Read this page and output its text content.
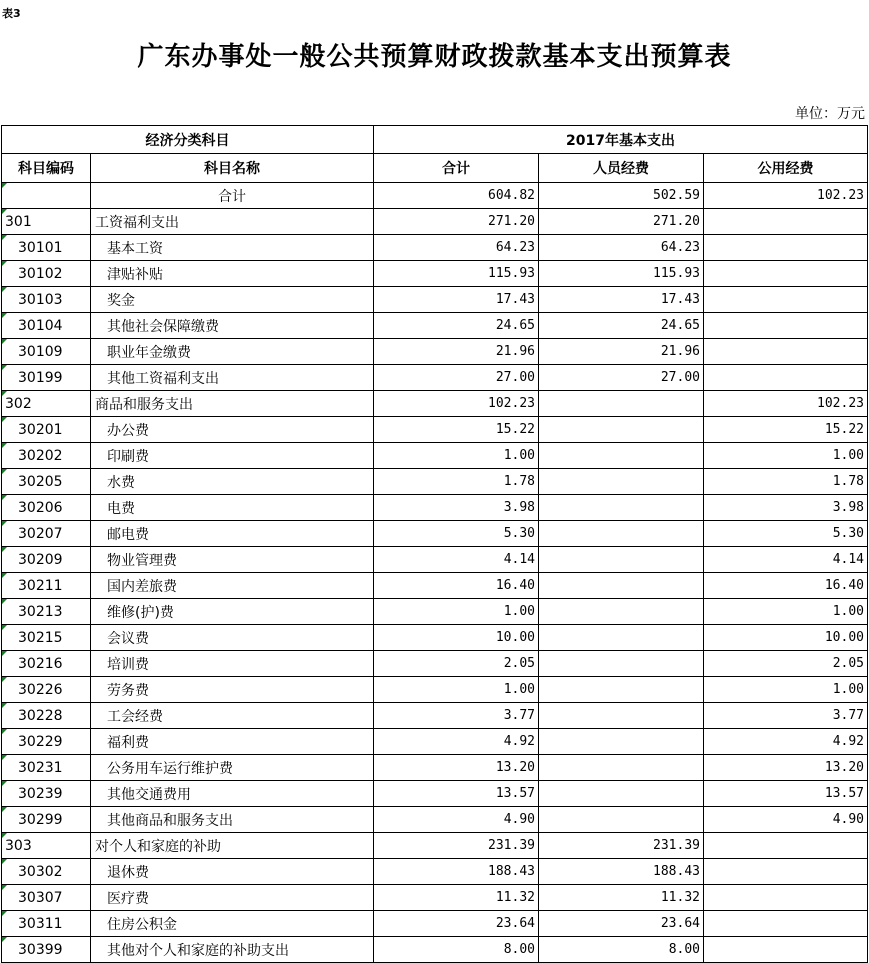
表3
广东办事处一般公共预算财政拨款基本支出预算表
单位：万元
经济分类科目		2017年基本支出		
科目编码	科目名称	合计	人员经费	公用经费

	合计	604.82	502.59	102.23

301	工资福利支出	271.20	271.20	

30101	基本工资	64.23	64.23	

30102	津贴补贴	115.93	115.93	

30103	奖金	17.43	17.43	

30104	其他社会保障缴费	24.65	24.65	

30109	职业年金缴费	21.96	21.96	

30199	其他工资福利支出	27.00	27.00	

302	商品和服务支出	102.23		102.23

30201	办公费	15.22		15.22

30202	印刷费	1.00		1.00

30205	水费	1.78		1.78

30206	电费	3.98		3.98

30207	邮电费	5.30		5.30

30209	物业管理费	4.14		4.14

30211	国内差旅费	16.40		16.40

30213	维修(护)费	1.00		1.00

30215	会议费	10.00		10.00

30216	培训费	2.05		2.05

30226	劳务费	1.00		1.00

30228	工会经费	3.77		3.77

30229	福利费	4.92		4.92

30231	公务用车运行维护费	13.20		13.20

30239	其他交通费用	13.57		13.57

30299	其他商品和服务支出	4.90		4.90

303	对个人和家庭的补助	231.39	231.39	

30302	退休费	188.43	188.43	

30307	医疗费	11.32	11.32	

30311	住房公积金	23.64	23.64	

30399	其他对个人和家庭的补助支出	8.00	8.00	
